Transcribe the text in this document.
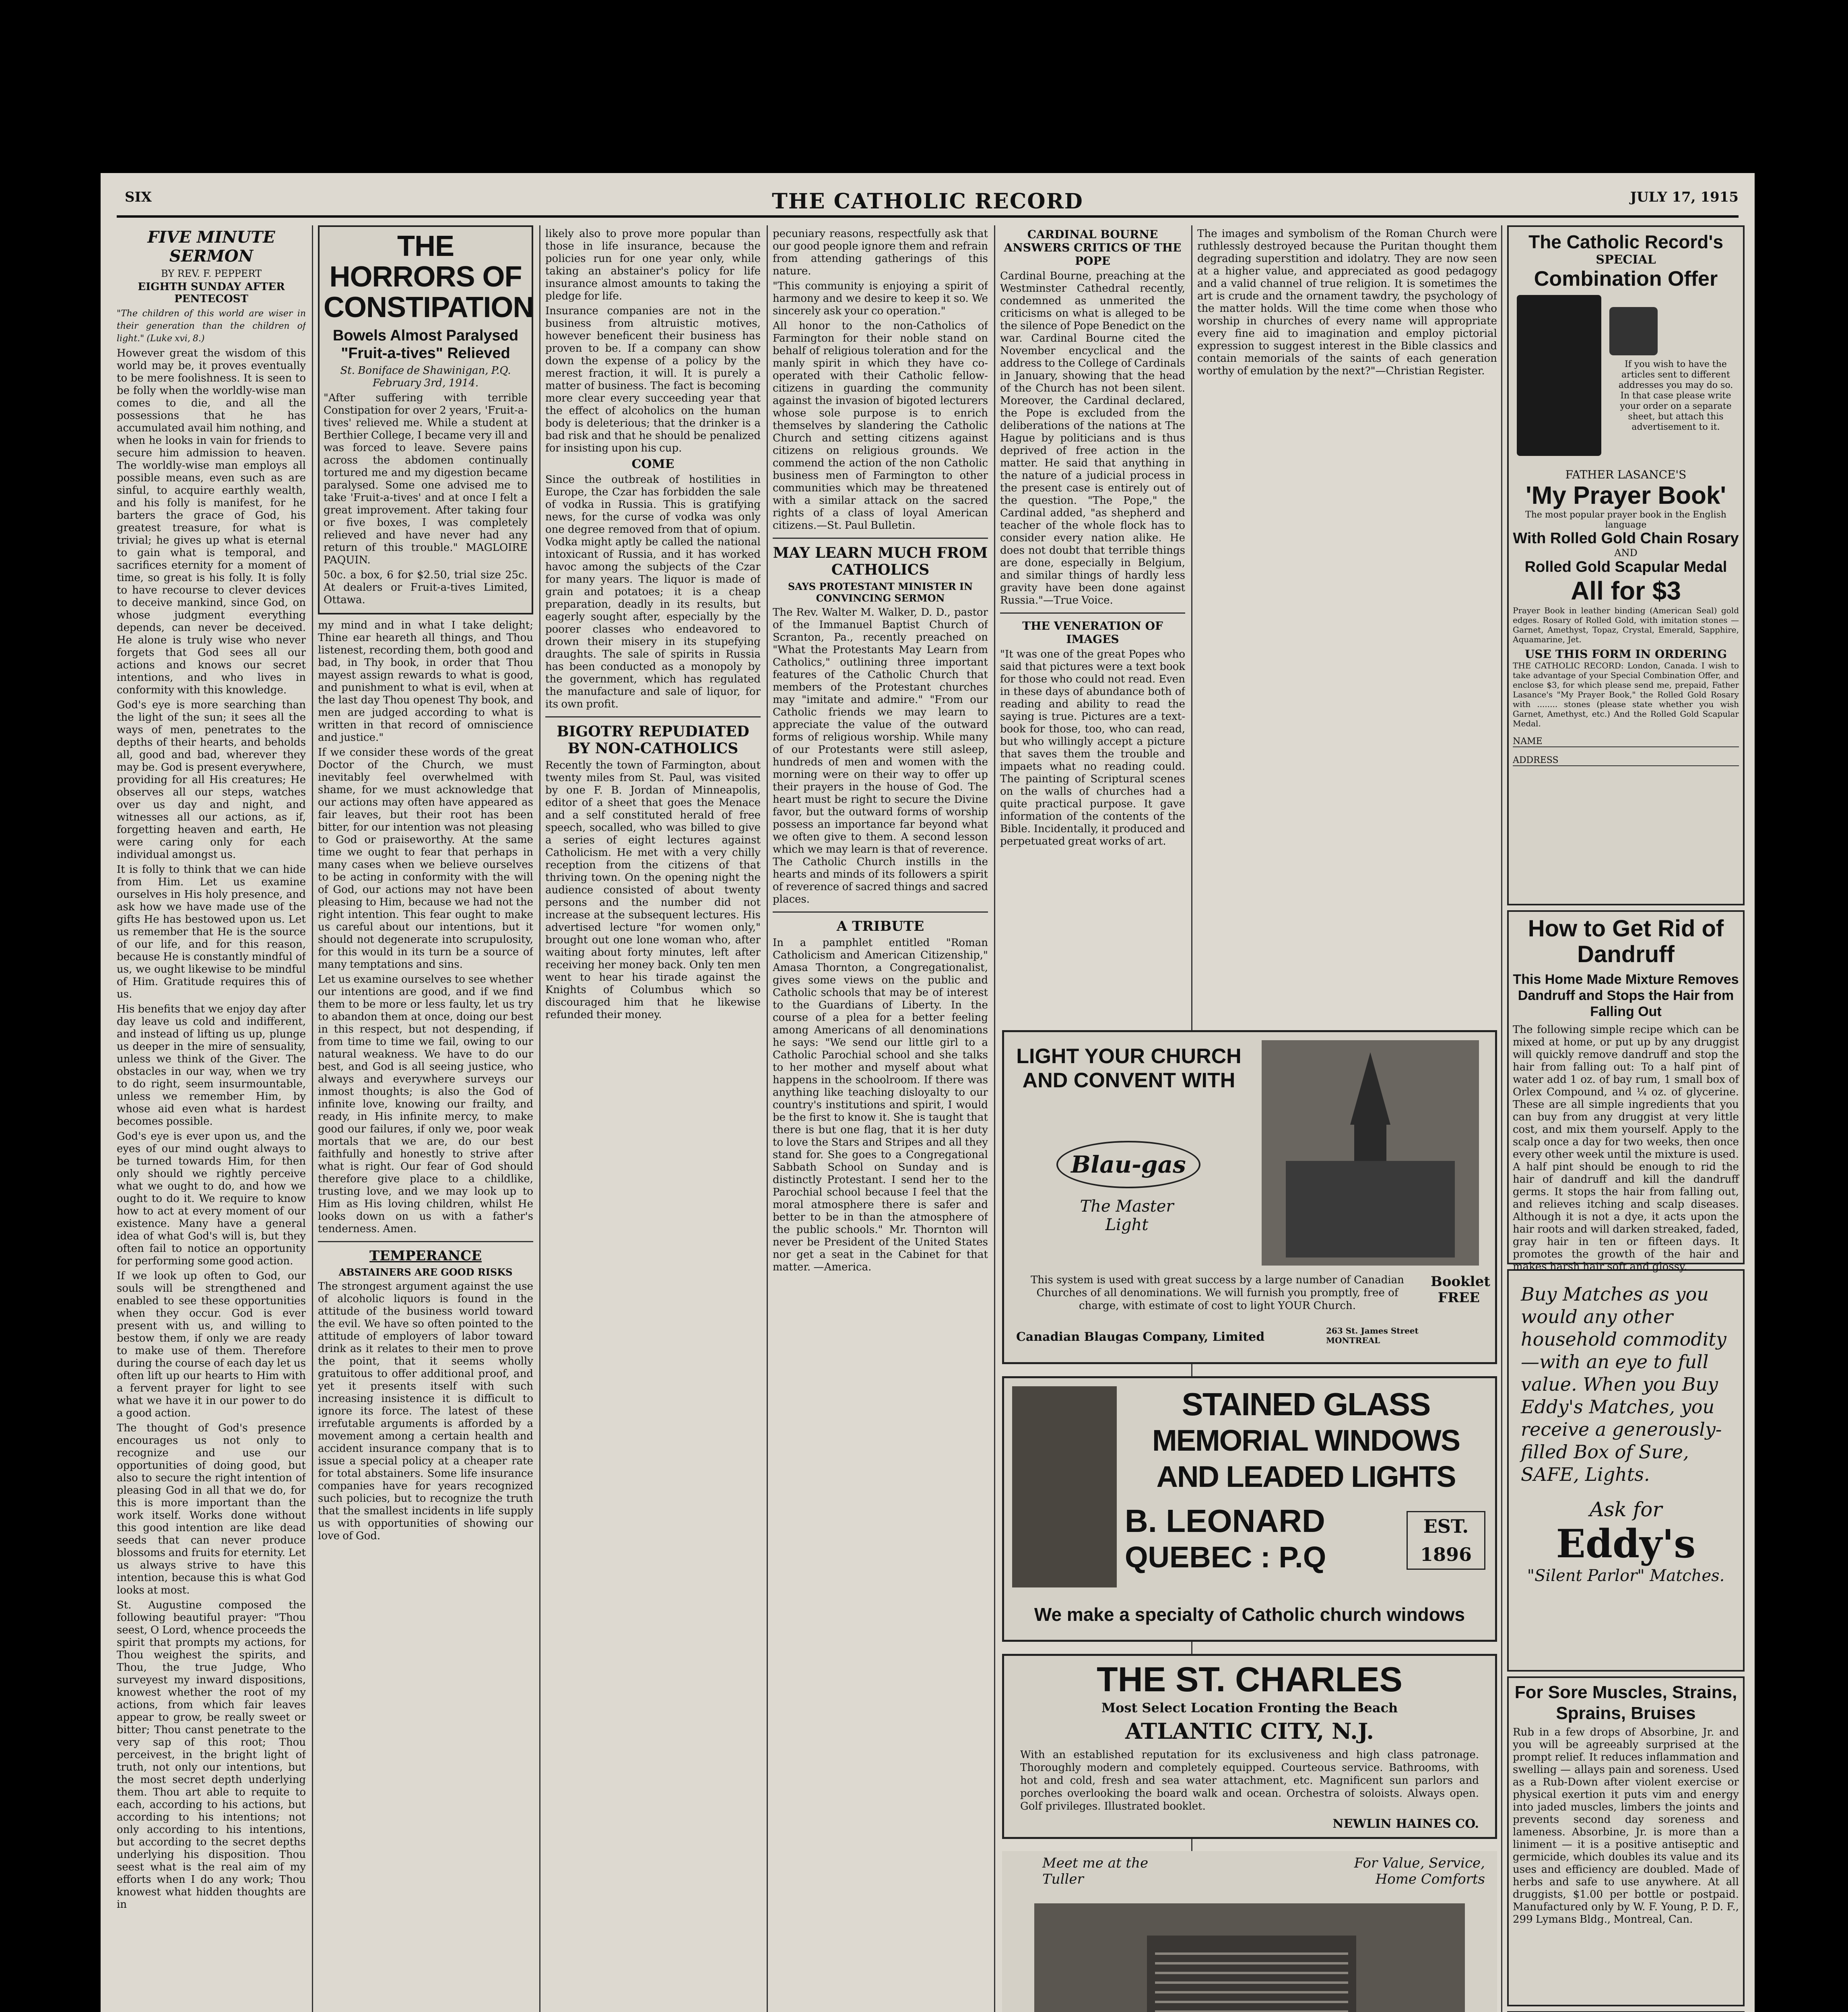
SIX	THE CATHOLIC RECORD	JULY 17, 1915
FIVE MINUTE SERMON
BY REV. F. PEPPERT
EIGHTH SUNDAY AFTER PENTECOST
"The children of this world are wiser in their generation than the children of light." (Luke xvi, 8.)

However great the wisdom of this world may be, it proves eventually to be mere foolishness. It is seen to be folly when the worldly-wise man comes to die, and all the possessions that he has accumulated avail him nothing, and when he looks in vain for friends to secure him admission to heaven. The worldly-wise man employs all possible means, even such as are sinful, to acquire earthly wealth, and his folly is manifest, for he barters the grace of God, his greatest treasure, for what is trivial; he gives up what is eternal to gain what is temporal, and sacrifices eternity for a moment of time, so great is his folly. It is folly to have recourse to clever devices to deceive mankind, since God, on whose judgment everything depends, can never be deceived. He alone is truly wise who never forgets that God sees all our actions and knows our secret intentions, and who lives in conformity with this knowledge.

God's eye is more searching than the light of the sun; it sees all the ways of men, penetrates to the depths of their hearts, and beholds all, good and bad, wherever they may be. God is present everywhere, providing for all His creatures; He observes all our steps, watches over us day and night, and witnesses all our actions, as if, forgetting heaven and earth, He were caring only for each individual amongst us.

It is folly to think that we can hide from Him. Let us examine ourselves in His holy presence, and ask how we have made use of the gifts He has bestowed upon us. Let us remember that He is the source of our life, and for this reason, because He is constantly mindful of us, we ought likewise to be mindful of Him. Gratitude requires this of us.

His benefits that we enjoy day after day leave us cold and indifferent, and instead of lifting us up, plunge us deeper in the mire of sensuality, unless we think of the Giver. The obstacles in our way, when we try to do right, seem insurmountable, unless we remember Him, by whose aid even what is hardest becomes possible.

God's eye is ever upon us, and the eyes of our mind ought always to be turned towards Him, for then only should we rightly perceive what we ought to do, and how we ought to do it. We require to know how to act at every moment of our existence. Many have a general idea of what God's will is, but they often fail to notice an opportunity for performing some good action.

If we look up often to God, our souls will be strengthened and enabled to see these opportunities when they occur. God is ever present with us, and willing to bestow them, if only we are ready to make use of them. Therefore during the course of each day let us often lift up our hearts to Him with a fervent prayer for light to see what we have it in our power to do a good action.

The thought of God's presence encourages us not only to recognize and use our opportunities of doing good, but also to secure the right intention of pleasing God in all that we do, for this is more important than the work itself. Works done without this good intention are like dead seeds that can never produce blossoms and fruits for eternity. Let us always strive to have this intention, because this is what God looks at most.

St. Augustine composed the following beautiful prayer: "Thou seest, O Lord, whence proceeds the spirit that prompts my actions, for Thou weighest the spirits, and Thou, the true Judge, Who surveyest my inward dispositions, knowest whether the root of my actions, from which fair leaves appear to grow, be really sweet or bitter; Thou canst penetrate to the very sap of this root; Thou perceivest, in the bright light of truth, not only our intentions, but the most secret depth underlying them. Thou art able to requite to each, according to his actions, but according to his intentions; not only according to his intentions, but according to the secret depths underlying his disposition. Thou seest what is the real aim of my efforts when I do any work; Thou knowest what hidden thoughts are in

THE HORRORS OF CONSTIPATION
Bowels Almost Paralysed "Fruit-a-tives" Relieved
St. Boniface de Shawinigan, P.Q. February 3rd, 1914.
"After suffering with terrible Constipation for over 2 years, 'Fruit-a-tives' relieved me. While a student at Berthier College, I became very ill and was forced to leave. Severe pains across the abdomen continually tortured me and my digestion became paralysed. Some one advised me to take 'Fruit-a-tives' and at once I felt a great improvement. After taking four or five boxes, I was completely relieved and have never had any return of this trouble." MAGLOIRE PAQUIN.
50c. a box, 6 for $2.50, trial size 25c. At dealers or Fruit-a-tives Limited, Ottawa.

my mind and in what I take delight; Thine ear heareth all things, and Thou listenest, recording them, both good and bad, in Thy book, in order that Thou mayest assign rewards to what is good, and punishment to what is evil, when at the last day Thou openest Thy book, and men are judged according to what is written in that record of omniscience and justice."

If we consider these words of the great Doctor of the Church, we must inevitably feel overwhelmed with shame, for we must acknowledge that our actions may often have appeared as fair leaves, but their root has been bitter, for our intention was not pleasing to God or praiseworthy. At the same time we ought to fear that perhaps in many cases when we believe ourselves to be acting in conformity with the will of God, our actions may not have been pleasing to Him, because we had not the right intention. This fear ought to make us careful about our intentions, but it should not degenerate into scrupulosity, for this would in its turn be a source of many temptations and sins.

Let us examine ourselves to see whether our intentions are good, and if we find them to be more or less faulty, let us try to abandon them at once, doing our best in this respect, but not despending, if from time to time we fail, owing to our natural weakness. We have to do our best, and God is all seeing justice, who always and everywhere surveys our inmost thoughts; is also the God of infinite love, knowing our frailty, and ready, in His infinite mercy, to make good our failures, if only we, poor weak mortals that we are, do our best faithfully and honestly to strive after what is right. Our fear of God should therefore give place to a childlike, trusting love, and we may look up to Him as His loving children, whilst He looks down on us with a father's tenderness. Amen.

TEMPERANCE
ABSTAINERS ARE GOOD RISKS

The strongest argument against the use of alcoholic liquors is found in the attitude of the business world toward the evil. We have so often pointed to the attitude of employers of labor toward drink as it relates to their men to prove the point, that it seems wholly gratuitous to offer additional proof, and yet it presents itself with such increasing insistence it is difficult to ignore its force. The latest of these irrefutable arguments is afforded by a movement among a certain health and accident insurance company that is to issue a special policy at a cheaper rate for total abstainers. Some life insurance companies have for years recognized such policies, but to recognize the truth that the smallest incidents in life supply us with opportunities of showing our love of God.

likely also to prove more popular than those in life insurance, because the policies run for one year only, while taking an abstainer's policy for life insurance almost amounts to taking the pledge for life.

Insurance companies are not in the business from altruistic motives, however beneficent their business has proven to be. If a company can show down the expense of a policy by the merest fraction, it will. It is purely a matter of business. The fact is becoming more clear every succeeding year that the effect of alcoholics on the human body is deleterious; that the drinker is a bad risk and that he should be penalized for insisting upon his cup.

COME

Since the outbreak of hostilities in Europe, the Czar has forbidden the sale of vodka in Russia. This is gratifying news, for the curse of vodka was only one degree removed from that of opium. Vodka might aptly be called the national intoxicant of Russia, and it has worked havoc among the subjects of the Czar for many years. The liquor is made of grain and potatoes; it is a cheap preparation, deadly in its results, but eagerly sought after, especially by the poorer classes who endeavored to drown their misery in its stupefying draughts. The sale of spirits in Russia has been conducted as a monopoly by the government, which has regulated the manufacture and sale of liquor, for its own profit.

BIGOTRY REPUDIATED BY NON-CATHOLICS

Recently the town of Farmington, about twenty miles from St. Paul, was visited by one F. B. Jordan of Minneapolis, editor of a sheet that goes the Menace and a self constituted herald of free speech, socalled, who was billed to give a series of eight lectures against Catholicism. He met with a very chilly reception from the citizens of that thriving town. On the opening night the audience consisted of about twenty persons and the number did not increase at the subsequent lectures. His advertised lecture "for women only," brought out one lone woman who, after waiting about forty minutes, left after receiving her money back. Only ten men went to hear his tirade against the Knights of Columbus which so discouraged him that he likewise refunded their money.

pecuniary reasons, respectfully ask that our good people ignore them and refrain from attending gatherings of this nature.

"This community is enjoying a spirit of harmony and we desire to keep it so. We sincerely ask your co operation."

All honor to the non-Catholics of Farmington for their noble stand on behalf of religious toleration and for the manly spirit in which they have co-operated with their Catholic fellow-citizens in guarding the community against the invasion of bigoted lecturers whose sole purpose is to enrich themselves by slandering the Catholic Church and setting citizens against citizens on religious grounds. We commend the action of the non Catholic business men of Farmington to other communities which may be threatened with a similar attack on the sacred rights of a class of loyal American citizens.—St. Paul Bulletin.

MAY LEARN MUCH FROM CATHOLICS
SAYS PROTESTANT MINISTER IN CONVINCING SERMON

The Rev. Walter M. Walker, D. D., pastor of the Immanuel Baptist Church of Scranton, Pa., recently preached on "What the Protestants May Learn from Catholics," outlining three important features of the Catholic Church that members of the Protestant churches may "imitate and admire." "From our Catholic friends we may learn to appreciate the value of the outward forms of religious worship. While many of our Protestants were still asleep, hundreds of men and women with the morning were on their way to offer up their prayers in the house of God. The heart must be right to secure the Divine favor, but the outward forms of worship possess an importance far beyond what we often give to them. A second lesson which we may learn is that of reverence. The Catholic Church instills in the hearts and minds of its followers a spirit of reverence of sacred things and sacred places.

A TRIBUTE

In a pamphlet entitled "Roman Catholicism and American Citizenship," Amasa Thornton, a Congregationalist, gives some views on the public and Catholic schools that may be of interest to the Guardians of Liberty. In the course of a plea for a better feeling among Americans of all denominations he says: "We send our little girl to a Catholic Parochial school and she talks to her mother and myself about what happens in the schoolroom. If there was anything like teaching disloyalty to our country's institutions and spirit, I would be the first to know it. She is taught that there is but one flag, that it is her duty to love the Stars and Stripes and all they stand for. She goes to a Congregational Sabbath School on Sunday and is distinctly Protestant. I send her to the Parochial school because I feel that the moral atmosphere there is safer and better to be in than the atmosphere of the public schools." Mr. Thornton will never be President of the United States nor get a seat in the Cabinet for that matter. —America.

CARDINAL BOURNE ANSWERS CRITICS OF THE POPE

Cardinal Bourne, preaching at the Westminster Cathedral recently, condemned as unmerited the criticisms on what is alleged to be the silence of Pope Benedict on the war. Cardinal Bourne cited the November encyclical and the address to the College of Cardinals in January, showing that the head of the Church has not been silent. Moreover, the Cardinal declared, the Pope is excluded from the deliberations of the nations at The Hague by politicians and is thus deprived of free action in the matter. He said that anything in the nature of a judicial process in the present case is entirely out of the question. "The Pope," the Cardinal added, "as shepherd and teacher of the whole flock has to consider every nation alike. He does not doubt that terrible things are done, especially in Belgium, and similar things of hardly less gravity have been done against Russia."—True Voice.

THE VENERATION OF IMAGES

"It was one of the great Popes who said that pictures were a text book for those who could not read. Even in these days of abundance both of reading and ability to read the saying is true. Pictures are a text-book for those, too, who can read, but who willingly accept a picture that saves them the trouble and impaets what no reading could. The painting of Scriptural scenes on the walls of churches had a quite practical purpose. It gave information of the contents of the Bible. Incidentally, it produced and perpetuated great works of art.

The images and symbolism of the Roman Church were ruthlessly destroyed because the Puritan thought them degrading superstition and idolatry. They are now seen at a higher value, and appreciated as good pedagogy and a valid channel of true religion. It is sometimes the art is crude and the ornament tawdry, the psychology of the matter holds. Will the time come when those who worship in churches of every name will appropriate every fine aid to imagination and employ pictorial expression to suggest interest in the Bible classics and contain memorials of the saints of each generation worthy of emulation by the next?"—Christian Register.

LIGHT YOUR CHURCH AND CONVENT WITH
Blau-gas
The Master Light
This system is used with great success by a large number of Canadian Churches of all denominations. We will furnish you promptly, free of charge, with estimate of cost to light YOUR Church.
Canadian Blaugas Company, Limited	263 St. James Street MONTREAL
Booklet FREE
STAINED GLASS
MEMORIAL WINDOWS
AND LEADED LIGHTS
B. LEONARD
QUEBEC : P.Q
EST. 1896
We make a specialty of Catholic church windows
THE ST. CHARLES
Most Select Location Fronting the Beach
ATLANTIC CITY, N.J.
With an established reputation for its exclusiveness and high class patronage. Thoroughly modern and completely equipped. Courteous service. Bathrooms, with hot and cold, fresh and sea water attachment, etc. Magnificent sun parlors and porches overlooking the board walk and ocean. Orchestra of soloists. Always open. Golf privileges. Illustrated booklet.
NEWLIN HAINES CO.
Meet me at the Tuller
For Value, Service, Home Comforts
The Catholic Record's
SPECIAL
Combination Offer
If you wish to have the articles sent to different addresses you may do so. In that case please write your order on a separate sheet, but attach this advertisement to it.
FATHER LASANCE'S
'My Prayer Book'
The most popular prayer book in the English language
With Rolled Gold Chain Rosary
AND
Rolled Gold Scapular Medal
All for $3
Prayer Book in leather binding (American Seal) gold edges. Rosary of Rolled Gold, with imitation stones — Garnet, Amethyst, Topaz, Crystal, Emerald, Sapphire, Aquamarine, Jet.
USE THIS FORM IN ORDERING
THE CATHOLIC RECORD: London, Canada. I wish to take advantage of your Special Combination Offer, and enclose $3, for which please send me, prepaid, Father Lasance's "My Prayer Book," the Rolled Gold Rosary with ........ stones (please state whether you wish Garnet, Amethyst, etc.) And the Rolled Gold Scapular Medal.
NAME
ADDRESS
How to Get Rid of Dandruff
This Home Made Mixture Removes Dandruff and Stops the Hair from Falling Out
The following simple recipe which can be mixed at home, or put up by any druggist will quickly remove dandruff and stop the hair from falling out: To a half pint of water add 1 oz. of bay rum, 1 small box of Orlex Compound, and ¼ oz. of glycerine. These are all simple ingredients that you can buy from any druggist at very little cost, and mix them yourself. Apply to the scalp once a day for two weeks, then once every other week until the mixture is used. A half pint should be enough to rid the hair of dandruff and kill the dandruff germs. It stops the hair from falling out, and relieves itching and scalp diseases. Although it is not a dye, it acts upon the hair roots and will darken streaked, faded, gray hair in ten or fifteen days. It promotes the growth of the hair and makes harsh hair soft and glossy.
Buy Matches as you would any other household commodity—with an eye to full value. When you Buy Eddy's Matches, you receive a generously-filled Box of Sure, SAFE, Lights.
Ask for
Eddy's
"Silent Parlor" Matches.
For Sore Muscles, Strains, Sprains, Bruises
Rub in a few drops of Absorbine, Jr. and you will be agreeably surprised at the prompt relief. It reduces inflammation and swelling — allays pain and soreness. Used as a Rub-Down after violent exercise or physical exertion it puts vim and energy into jaded muscles, limbers the joints and prevents second day soreness and lameness. Absorbine, Jr. is more than a liniment — it is a positive antiseptic and germicide, which doubles its value and its uses and efficiency are doubled. Made of herbs and safe to use anywhere. At all druggists, $1.00 per bottle or postpaid. Manufactured only by W. F. Young, P. D. F., 299 Lymans Bldg., Montreal, Can.
